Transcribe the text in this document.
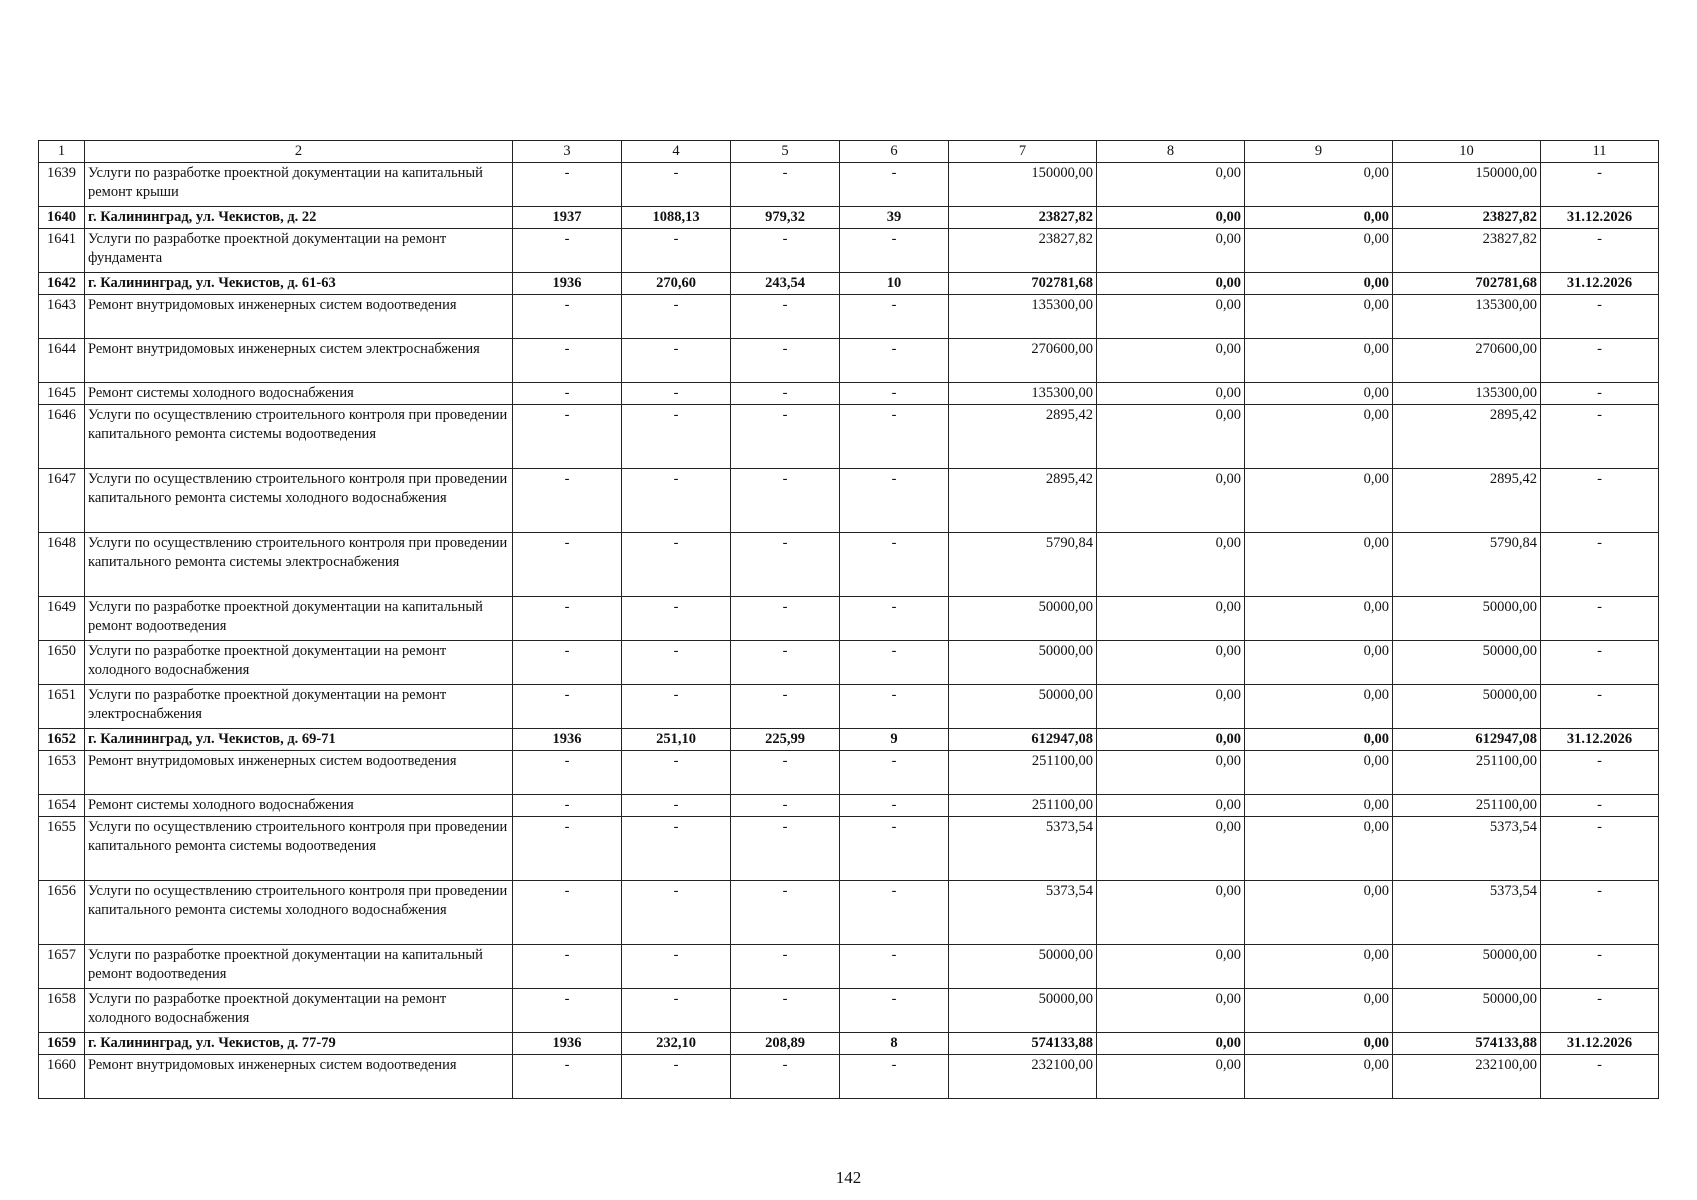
1	2	3	4	5	6	7	8	9	10	11
1639	Услуги по разработке проектной документации на капитальный ремонт крыши	-	-	-	-	150000,00	0,00	0,00	150000,00	-
1640	г. Калининград, ул. Чекистов, д. 22	1937	1088,13	979,32	39	23827,82	0,00	0,00	23827,82	31.12.2026
1641	Услуги по разработке проектной документации на ремонт фундамента	-	-	-	-	23827,82	0,00	0,00	23827,82	-
1642	г. Калининград, ул. Чекистов, д. 61-63	1936	270,60	243,54	10	702781,68	0,00	0,00	702781,68	31.12.2026
1643	Ремонт внутридомовых инженерных систем водоотведения	-	-	-	-	135300,00	0,00	0,00	135300,00	-
1644	Ремонт внутридомовых инженерных систем электроснабжения	-	-	-	-	270600,00	0,00	0,00	270600,00	-
1645	Ремонт системы холодного водоснабжения	-	-	-	-	135300,00	0,00	0,00	135300,00	-
1646	Услуги по осуществлению строительного контроля при проведении капитального ремонта системы водоотведения	-	-	-	-	2895,42	0,00	0,00	2895,42	-
1647	Услуги по осуществлению строительного контроля при проведении капитального ремонта системы холодного водоснабжения	-	-	-	-	2895,42	0,00	0,00	2895,42	-
1648	Услуги по осуществлению строительного контроля при проведении капитального ремонта системы электроснабжения	-	-	-	-	5790,84	0,00	0,00	5790,84	-
1649	Услуги по разработке проектной документации на капитальный ремонт водоотведения	-	-	-	-	50000,00	0,00	0,00	50000,00	-
1650	Услуги по разработке проектной документации на ремонт холодного водоснабжения	-	-	-	-	50000,00	0,00	0,00	50000,00	-
1651	Услуги по разработке проектной документации на ремонт электроснабжения	-	-	-	-	50000,00	0,00	0,00	50000,00	-
1652	г. Калининград, ул. Чекистов, д. 69-71	1936	251,10	225,99	9	612947,08	0,00	0,00	612947,08	31.12.2026
1653	Ремонт внутридомовых инженерных систем водоотведения	-	-	-	-	251100,00	0,00	0,00	251100,00	-
1654	Ремонт системы холодного водоснабжения	-	-	-	-	251100,00	0,00	0,00	251100,00	-
1655	Услуги по осуществлению строительного контроля при проведении капитального ремонта системы водоотведения	-	-	-	-	5373,54	0,00	0,00	5373,54	-
1656	Услуги по осуществлению строительного контроля при проведении капитального ремонта системы холодного водоснабжения	-	-	-	-	5373,54	0,00	0,00	5373,54	-
1657	Услуги по разработке проектной документации на капитальный ремонт водоотведения	-	-	-	-	50000,00	0,00	0,00	50000,00	-
1658	Услуги по разработке проектной документации на ремонт холодного водоснабжения	-	-	-	-	50000,00	0,00	0,00	50000,00	-
1659	г. Калининград, ул. Чекистов, д. 77-79	1936	232,10	208,89	8	574133,88	0,00	0,00	574133,88	31.12.2026
1660	Ремонт внутридомовых инженерных систем водоотведения	-	-	-	-	232100,00	0,00	0,00	232100,00	-
142
